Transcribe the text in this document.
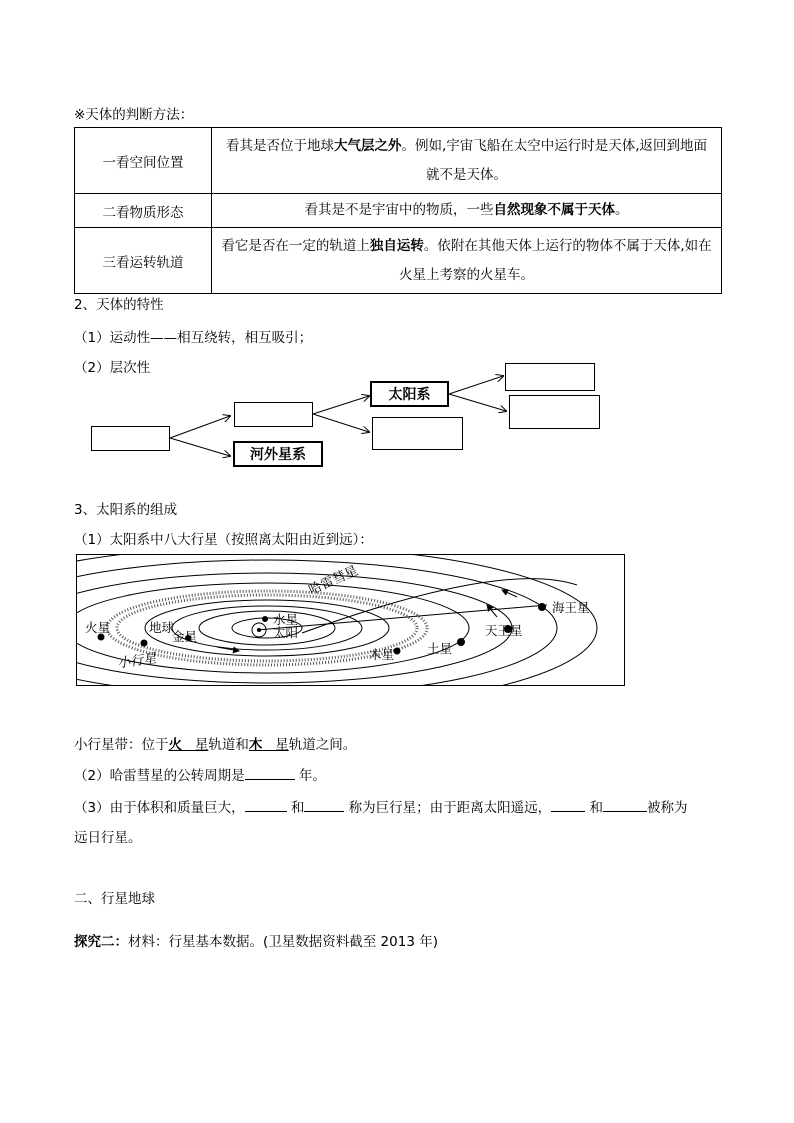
※天体的判断方法：
一看空间位置	看其是否位于地球大气层之外。例如,宇宙飞船在太空中运行时是天体,返回到地面就不是天体。
二看物质形态	看其是不是宇宙中的物质，一些自然现象不属于天体。
三看运转轨道	看它是否在一定的轨道上独自运转。依附在其他天体上运行的物体不属于天体,如在火星上考察的火星车。
2、天体的特性
（1）运动性——相互绕转，相互吸引；
（2）层次性
河外星系
太阳系
3、太阳系的组成
（1）太阳系中八大行星（按照离太阳由近到远）：
哈雷彗星
水星
太阳
金星
地球
火星
小行星	木星	土星
天王星
海王星
小行星带：位于火 星轨道和木 星轨道之间。
（2）哈雷彗星的公转周期是	年。
（3）由于体积和质量巨大，	和	称为巨行星；由于距离太阳遥远，	和	被称为
远日行星。
二、行星地球
探究二：材料：行星基本数据。(卫星数据资料截至 2013 年)
